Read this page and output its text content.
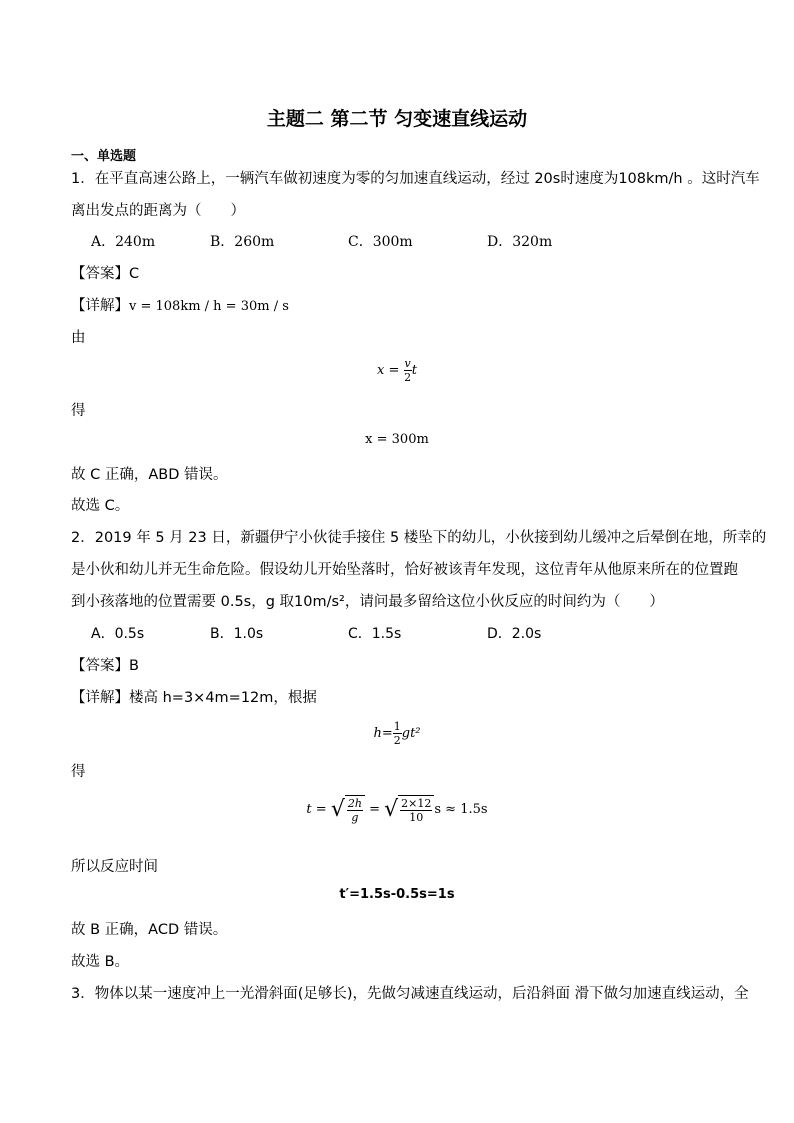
主题二 第二节 匀变速直线运动
一、单选题
1．在平直高速公路上，一辆汽车做初速度为零的匀加速直线运动，经过 20s时速度为108km/h 。这时汽车
离出发点的距离为（　　）
A．240m	B．260m	C．300m	D．320m
【答案】C
【详解】v = 108km / h = 30m / s
由
$x = \frac{v}{2}$ t
得
x = 300m
故 C 正确，ABD 错误。
故选 C。
2．2019 年 5 月 23 日，新疆伊宁小伙徒手接住 5 楼坠下的幼儿，小伙接到幼儿缓冲之后晕倒在地，所幸的
是小伙和幼儿并无生命危险。假设幼儿开始坠落时，恰好被该青年发现，这位青年从他原来所在的位置跑
到小孩落地的位置需要 0.5s，g 取10m/s²，请问最多留给这位小伙反应的时间约为（　　）
A．0.5s	B．1.0s	C．1.5s	D．2.0s
【答案】B
【详解】楼高 h=3×4m=12m，根据
$h= \frac{1}{2} gt^2$
得
t = √ $\frac{2h}{g}$ = √ $\frac{2\times 12}{10}$ s ≈ 1.5s
所以反应时间
t′=1.5s-0.5s=1s
故 B 正确，ACD 错误。
故选 B。
3．物体以某一速度冲上一光滑斜面(足够长)，先做匀减速直线运动，后沿斜面 滑下做匀加速直线运动，全
